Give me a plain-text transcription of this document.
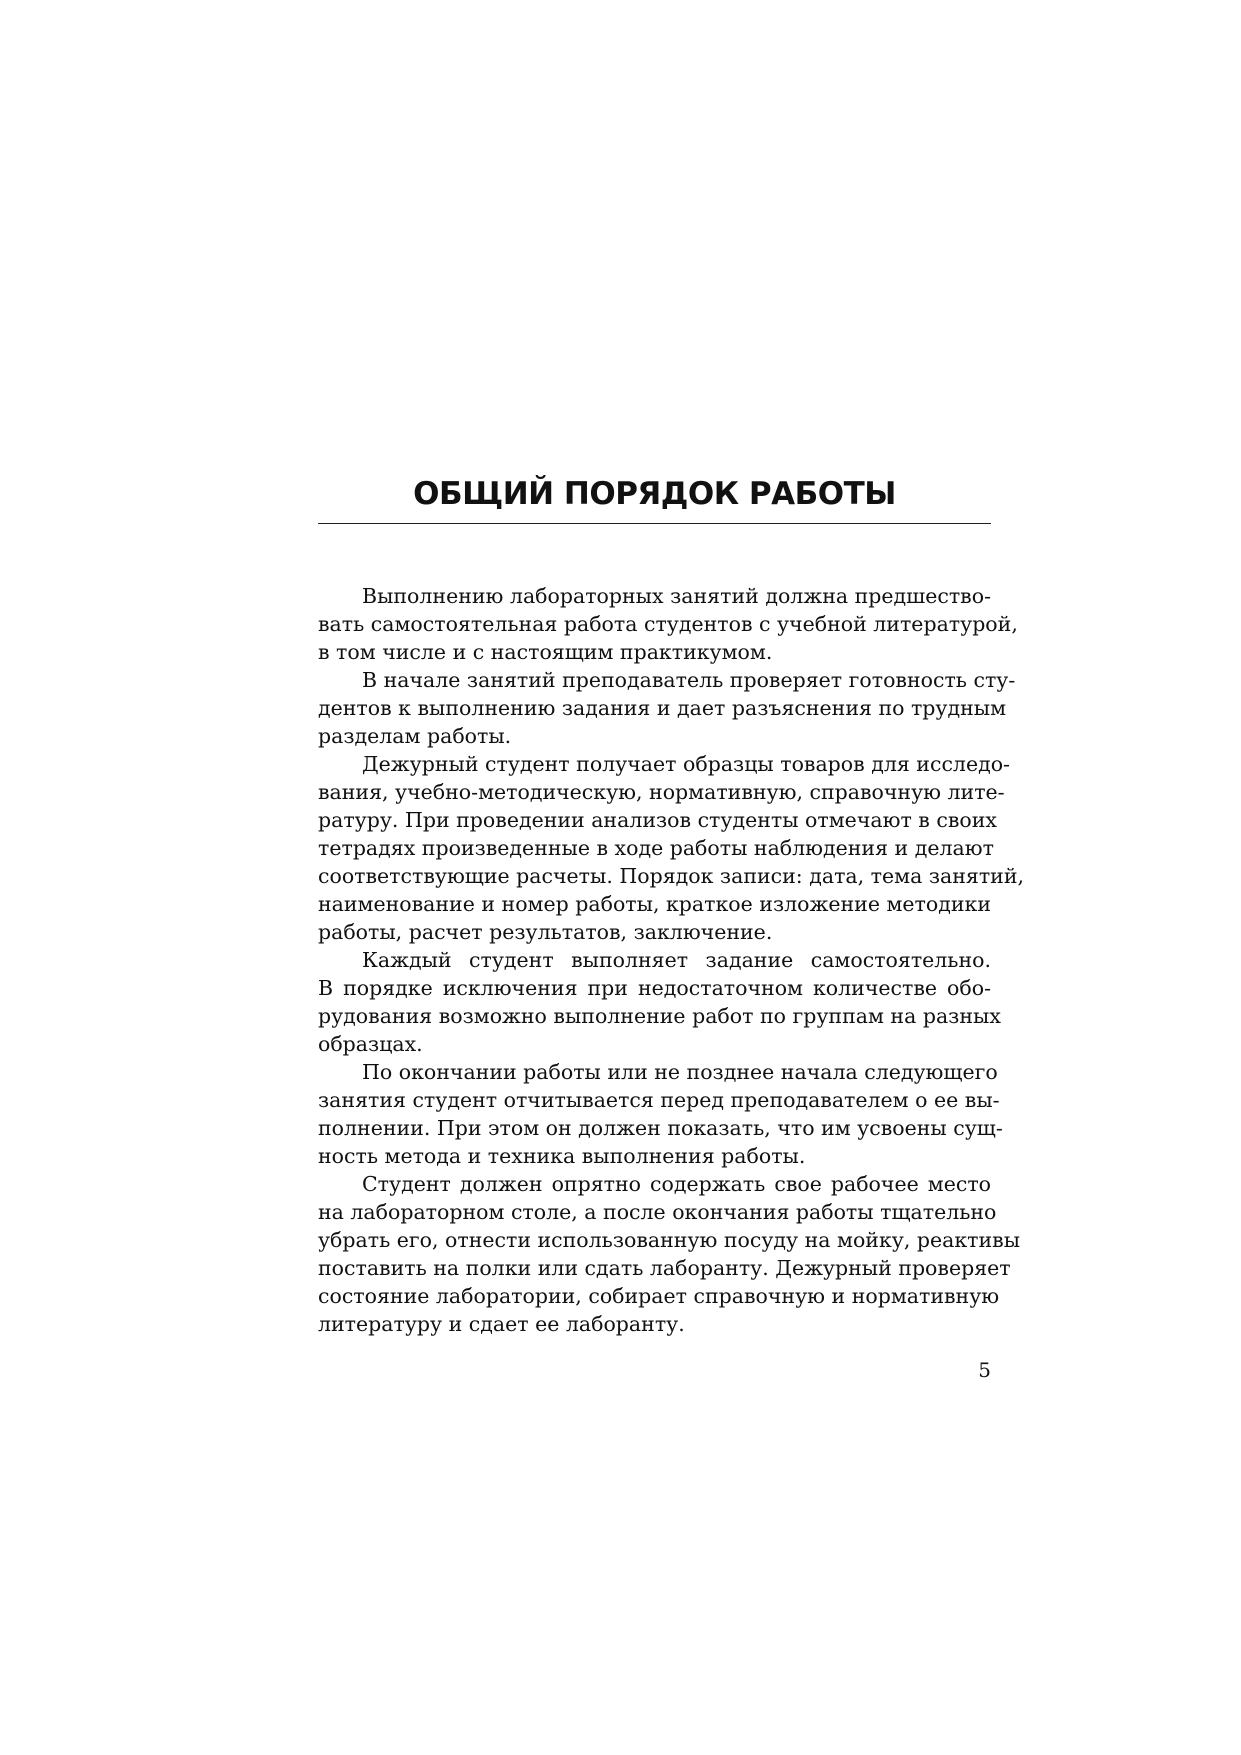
ОБЩИЙ ПОРЯДОК РАБОТЫ
Выполнению лабораторных занятий должна предшество-
вать самостоятельная работа студентов с учебной литературой,
в том числе и с настоящим практикумом.
В начале занятий преподаватель проверяет готовность сту-
дентов к выполнению задания и дает разъяснения по трудным
разделам работы.
Дежурный студент получает образцы товаров для исследо-
вания, учебно-методическую, нормативную, справочную лите-
ратуру. При проведении анализов студенты отмечают в своих
тетрадях произведенные в ходе работы наблюдения и делают
соответствующие расчеты. Порядок записи: дата, тема занятий,
наименование и номер работы, краткое изложение методики
работы, расчет результатов, заключение.
Каждый студент выполняет задание самостоятельно.
В порядке исключения при недостаточном количестве обо-
рудования возможно выполнение работ по группам на разных
образцах.
По окончании работы или не позднее начала следующего
занятия студент отчитывается перед преподавателем о ее вы-
полнении. При этом он должен показать, что им усвоены сущ-
ность метода и техника выполнения работы.
Студент должен опрятно содержать свое рабочее место
на лабораторном столе, а после окончания работы тщательно
убрать его, отнести использованную посуду на мойку, реактивы
поставить на полки или сдать лаборанту. Дежурный проверяет
состояние лаборатории, собирает справочную и нормативную
литературу и сдает ее лаборанту.
5
